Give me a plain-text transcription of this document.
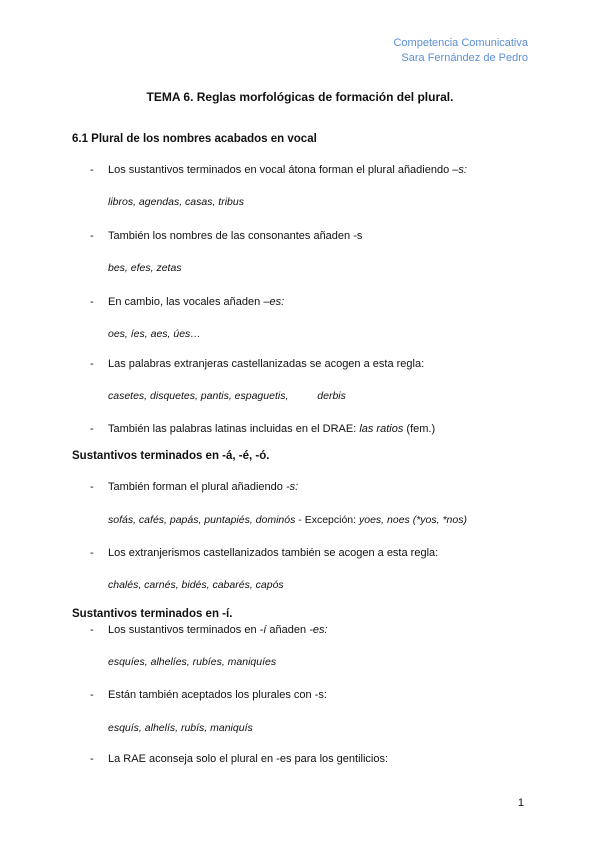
Competencia Comunicativa
Sara Fernández de Pedro
TEMA 6. Reglas morfológicas de formación del plural.
6.1 Plural de los nombres acabados en vocal
- Los sustantivos terminados en vocal átona forman el plural añadiendo –s:
libros, agendas, casas, tribus
- También los nombres de las consonantes añaden -s
bes, efes, zetas
- En cambio, las vocales añaden –es:
oes, íes, aes, úes…
- Las palabras extranjeras castellanizadas se acogen a esta regla:
casetes, disquetes, pantis, espaguetis,	derbis
- También las palabras latinas incluidas en el DRAE: las ratios (fem.)
Sustantivos terminados en -á, -é, -ó.
- También forman el plural añadiendo -s:
sofás, cafés, papás, puntapiés, dominós - Excepción: yoes, noes (*yos, *nos)
- Los extranjerismos castellanizados también se acogen a esta regla:
chalés, carnés, bidés, cabarés, capós
Sustantivos terminados en -í.
- Los sustantivos terminados en -í añaden -es:
esquíes, alhelíes, rubíes, maniquíes
- Están también aceptados los plurales con -s:
esquís, alhelís, rubís, maniquís
- La RAE aconseja solo el plural en -es para los gentilicios:
1
